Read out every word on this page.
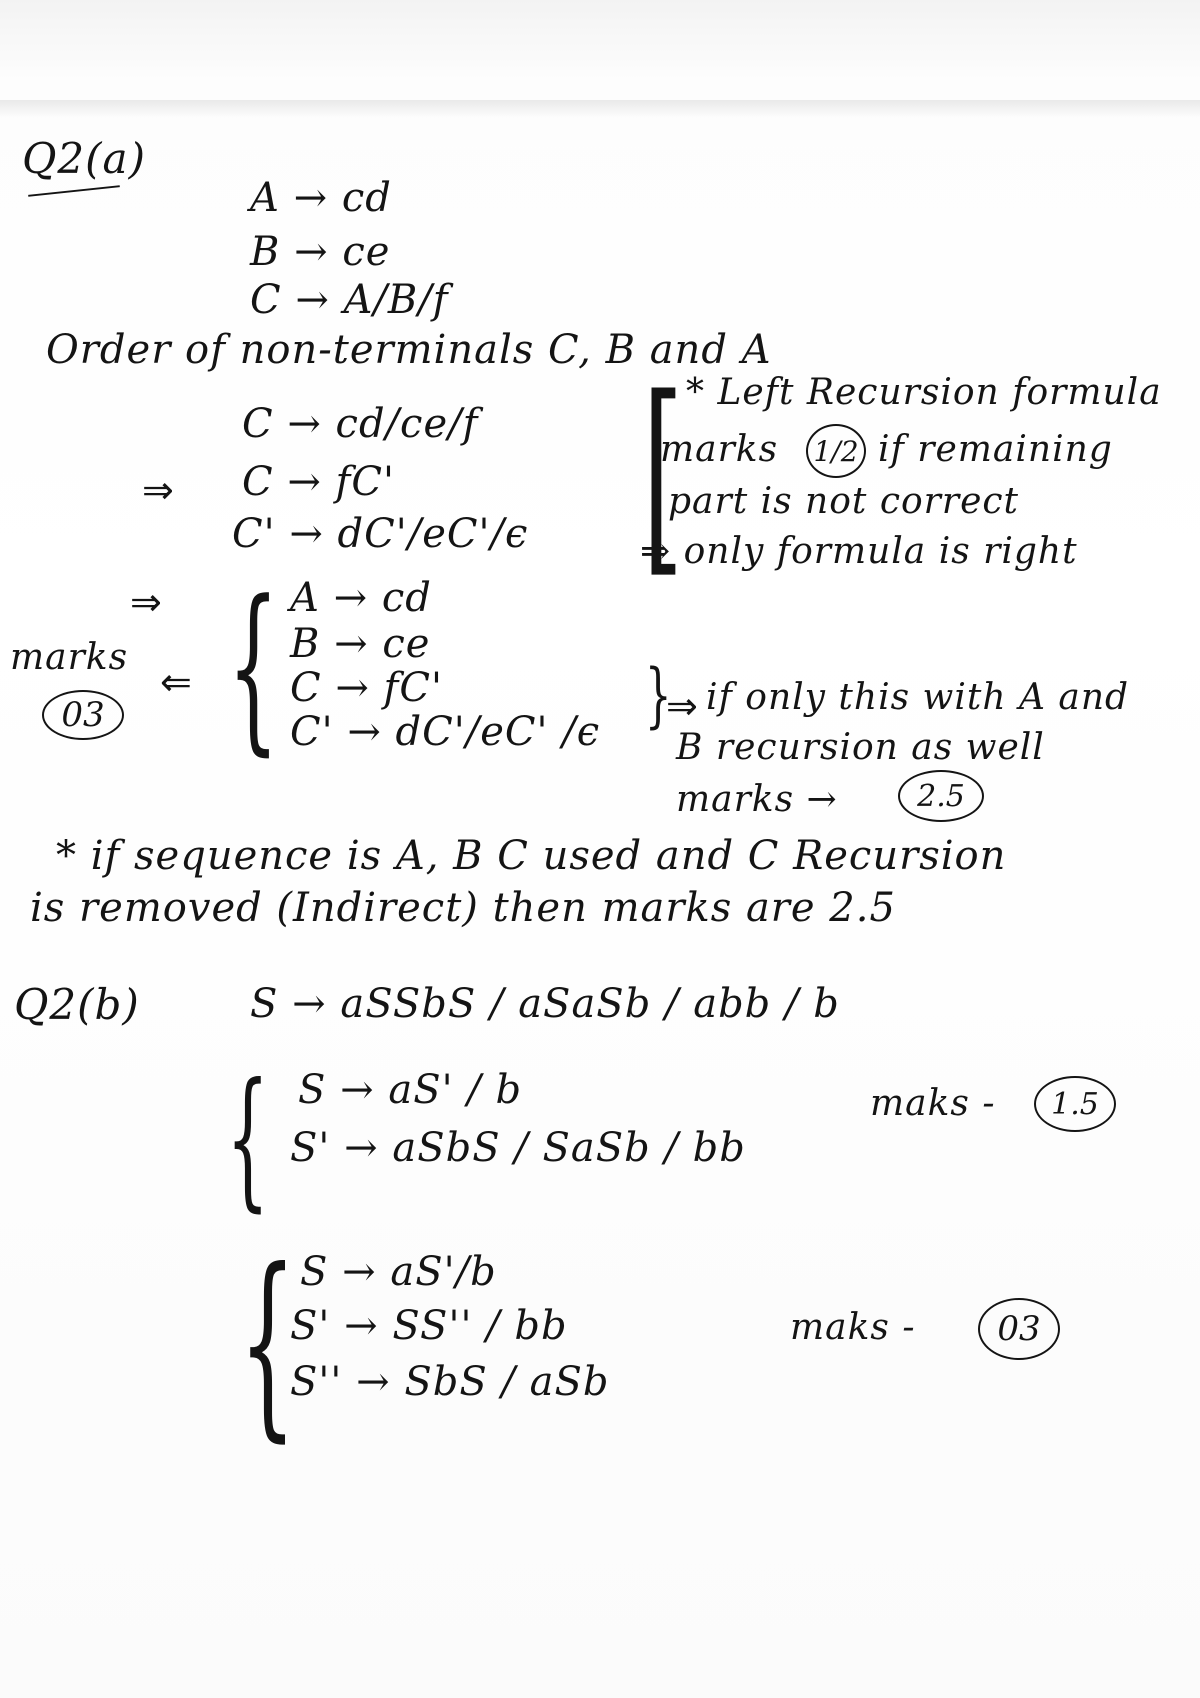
Q2(a)
A → cd
B → ce
C → A/B/f
Order of non-terminals C, B and A
C → cd/ce/f
⇒ C → fC'
C' → dC'/eC'/ϵ [ * Left Recursion formula
marks 1/2 if remaining
part is not correct
⇒ only formula is right
⇒ { A → cd
B → ce
C → fC'
C' → dC'/eC' /ϵ
marks
⇐
03	}
⇒ if only this with A and
B recursion as well
marks →	2.5
* if sequence is A, B C used and C Recursion
is removed (Indirect) then marks are 2.5
Q2(b)	S → aSSbS / aSaSb / abb / b
{ S → aS' / b
S' → aSbS / SaSb / bb
maks -	1.5
{ S → aS'/b
S' → SS'' / bb
S'' → SbS / aSb
maks -	03
